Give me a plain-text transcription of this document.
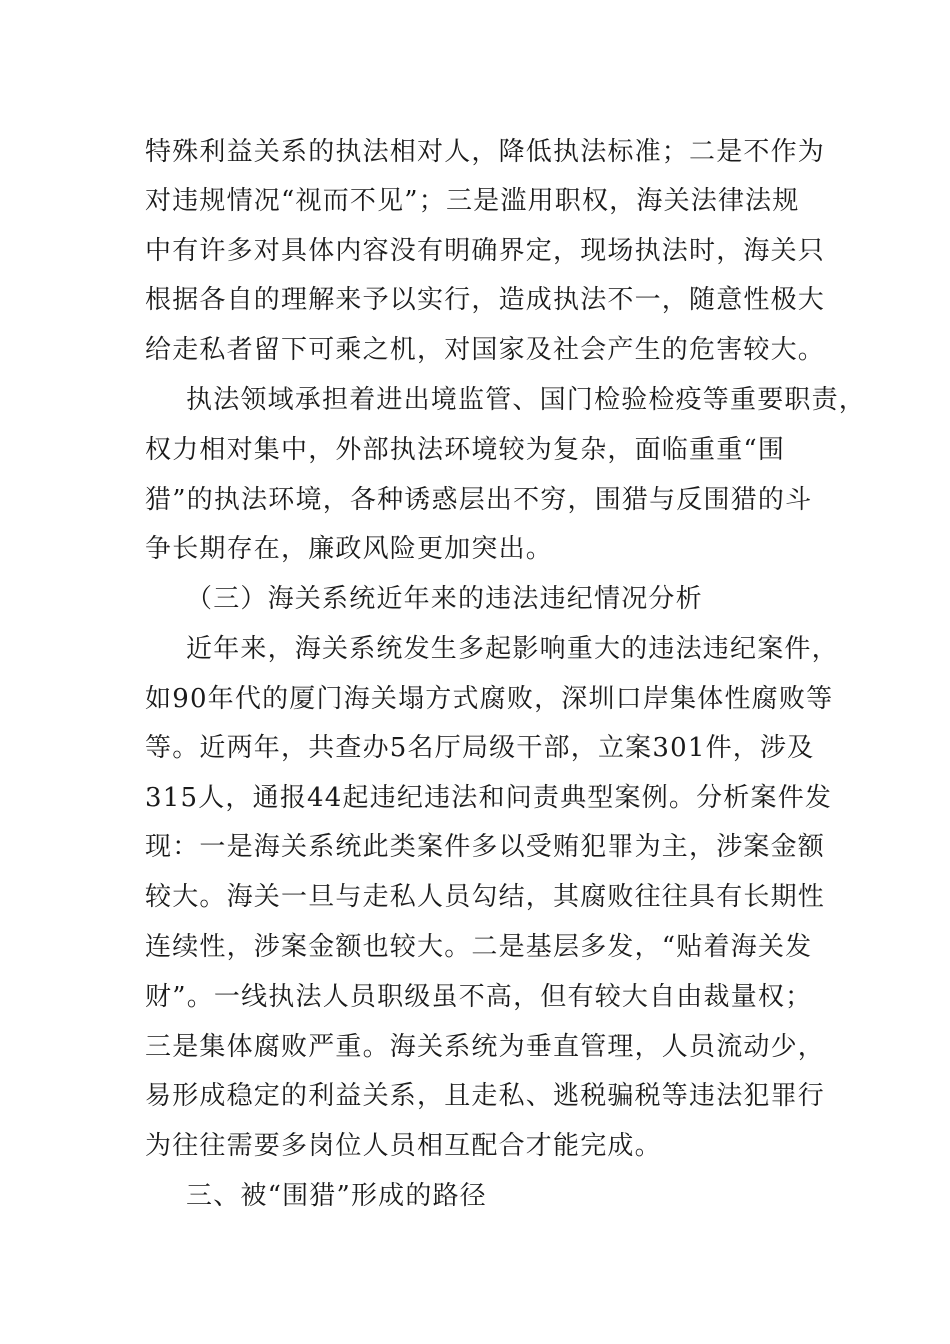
特殊利益关系的执法相对人，降低执法标准；二是不作为
对违规情况“视而不见”；三是滥用职权，海关法律法规
中有许多对具体内容没有明确界定，现场执法时，海关只
根据各自的理解来予以实行，造成执法不一，随意性极大
给走私者留下可乘之机，对国家及社会产生的危害较大。
执法领域承担着进出境监管、国门检验检疫等重要职责，
权力相对集中，外部执法环境较为复杂，面临重重“围
猎”的执法环境，各种诱惑层出不穷，围猎与反围猎的斗
争长期存在，廉政风险更加突出。
（三）海关系统近年来的违法违纪情况分析
近年来，海关系统发生多起影响重大的违法违纪案件，
如90年代的厦门海关塌方式腐败，深圳口岸集体性腐败等
等。近两年，共查办5名厅局级干部，立案301件，涉及
315人，通报44起违纪违法和问责典型案例。分析案件发
现：一是海关系统此类案件多以受贿犯罪为主，涉案金额
较大。海关一旦与走私人员勾结，其腐败往往具有长期性
连续性，涉案金额也较大。二是基层多发，“贴着海关发
财”。一线执法人员职级虽不高，但有较大自由裁量权；
三是集体腐败严重。海关系统为垂直管理，人员流动少，
易形成稳定的利益关系，且走私、逃税骗税等违法犯罪行
为往往需要多岗位人员相互配合才能完成。
三、被“围猎”形成的路径
